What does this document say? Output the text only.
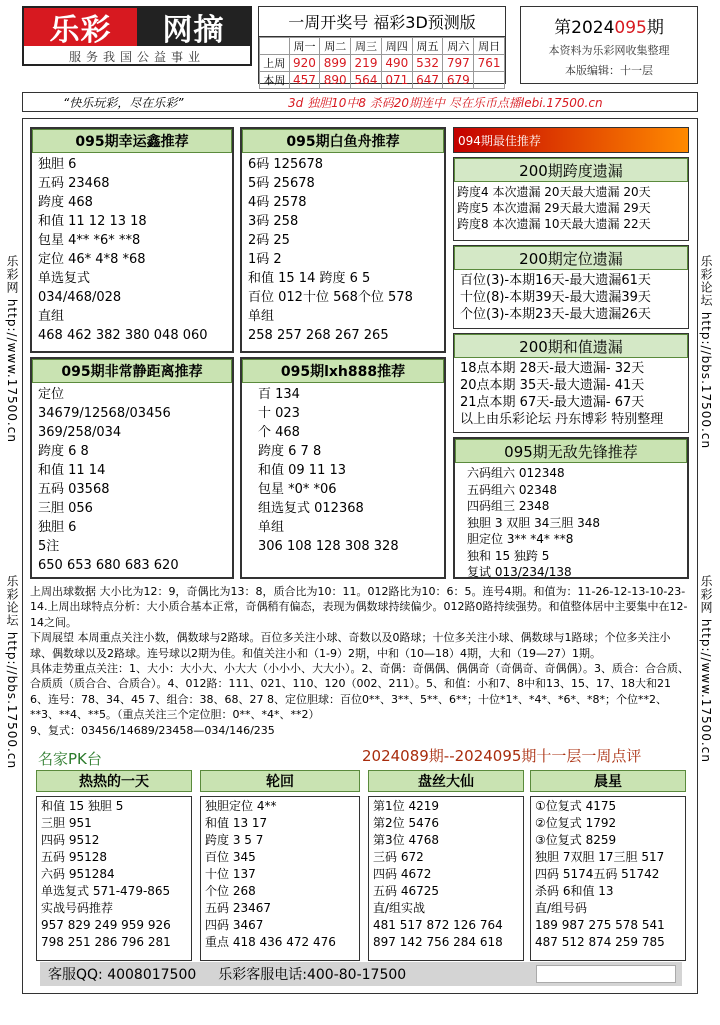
乐彩	网摘
服务我国公益事业
一周开奖号 福彩3D预测版
	周一	周二	周三	周四	周五	周六	周日
上周	920	899	219	490	532	797	761
本周	457	890	564	071	647	679	
第2024095期
本资料为乐彩网收集整理
本版编辑：十一层
“快乐玩彩，尽在乐彩”	3d 独胆10中8 杀码20期连中 尽在乐币点播lebi.17500.cn
乐彩网 http://www.17500.cn
乐彩论坛 http://bbs.17500.cn
乐彩论坛 http://bbs.17500.cn
乐彩网 http://www.17500.cn
095期幸运鑫推荐
独胆 6
五码 23468
跨度 468
和值 11 12 13 18
包星 4** *6* **8
定位 46* 4*8 *68
单选复式
034/468/028
直组
468 462 382 380 048 060
095期白鱼舟推荐
6码 125678
5码 25678
4码 2578
3码 258
2码 25
1码 2
和值 15 14 跨度 6 5
百位 012十位 568个位 578
单组
258 257 268 267 265
095期非常静距离推荐
定位
34679/12568/03456
369/258/034
跨度 6 8
和值 11 14
五码 03568
三胆 056
独胆 6
5注
650 653 680 683 620
095期lxh888推荐
百 134
十 023
个 468
跨度 6 7 8
和值 09 11 13
包星 *0* *06
组选复式 012368
单组
306 108 128 308 328
094期最佳推荐
200期跨度遗漏
跨度4 本次遗漏 20天最大遗漏 20天
跨度5 本次遗漏 29天最大遗漏 29天
跨度8 本次遗漏 10天最大遗漏 22天
200期定位遗漏
百位(3)-本期16天-最大遗漏61天
十位(8)-本期39天-最大遗漏39天
个位(3)-本期23天-最大遗漏26天
200期和值遗漏
18点本期 28天-最大遗漏- 32天
20点本期 35天-最大遗漏- 41天
21点本期 67天-最大遗漏- 67天
以上由乐彩论坛 丹东博彩 特别整理
095期无敌先锋推荐
六码组六 012348
五码组六 02348
四码组三 2348
独胆 3 双胆 34三胆 348
胆定位 3** *4* **8
独和 15 独跨 5
复试 013/234/138
上周出球数据 大小比为12：9，奇偶比为13：8，质合比为10：11。012路比为10：6：5。连号4期。和值为：11-26-12-13-10-23-14.上周出球特点分析：大小质合基本正常，奇偶稍有偏态，表现为偶数球持续偏少。012路0路持续强势。和值整体居中主要集中在12-14之间。
下周展望 本周重点关注小数，偶数球与2路球。百位多关注小球、奇数以及0路球；十位多关注小球、偶数球与1路球；个位多关注小球、偶数球以及2路球。连号球以2期为佳。和值关注小和（1-9）2期，中和（10—18）4期，大和（19—27）1期。
具体走势重点关注：1、大小：大小大、小大大（小小小、大大小）。2、奇偶：奇偶偶、偶偶奇（奇偶奇、奇偶偶）。3、质合：合合质、合质质（质合合、合质合）。4、012路：111、021、110、120（002、211）。5、和值：小和7、8中和13、15、17、18大和21 6、连号：78、34、45 7、组合：38、68、27 8、定位胆球：百位0**、3**、5**、6**；十位*1*、*4*、*6*、*8*；个位**2、**3、**4、**5。（重点关注三个定位胆：0**、*4*、**2）
9、复式：03456/14689/23458—034/146/235
名家PK台	2024089期--2024095期十一层一周点评
热热的一天
和值 15 独胆 5
三胆 951
四码 9512
五码 95128
六码 951284
单选复式 571-479-865
实战号码推荐
957 829 249 959 926
798 251 286 796 281
轮回
独胆定位 4**
和值 13 17
跨度 3 5 7
百位 345
十位 137
个位 268
五码 23467
四码 3467
重点 418 436 472 476
盘丝大仙
第1位 4219
第2位 5476
第3位 4768
三码 672
四码 4672
五码 46725
直/组实战
481 517 872 126 764
897 142 756 284 618
晨星
①位复式 4175
②位复式 1792
③位复式 8259
独胆 7双胆 17三胆 517
四码 5174五码 51742
杀码 6和值 13
直/组号码
189 987 275 578 541
487 512 874 259 785
客服QQ: 4008017500 乐彩客服电话:400-80-17500
